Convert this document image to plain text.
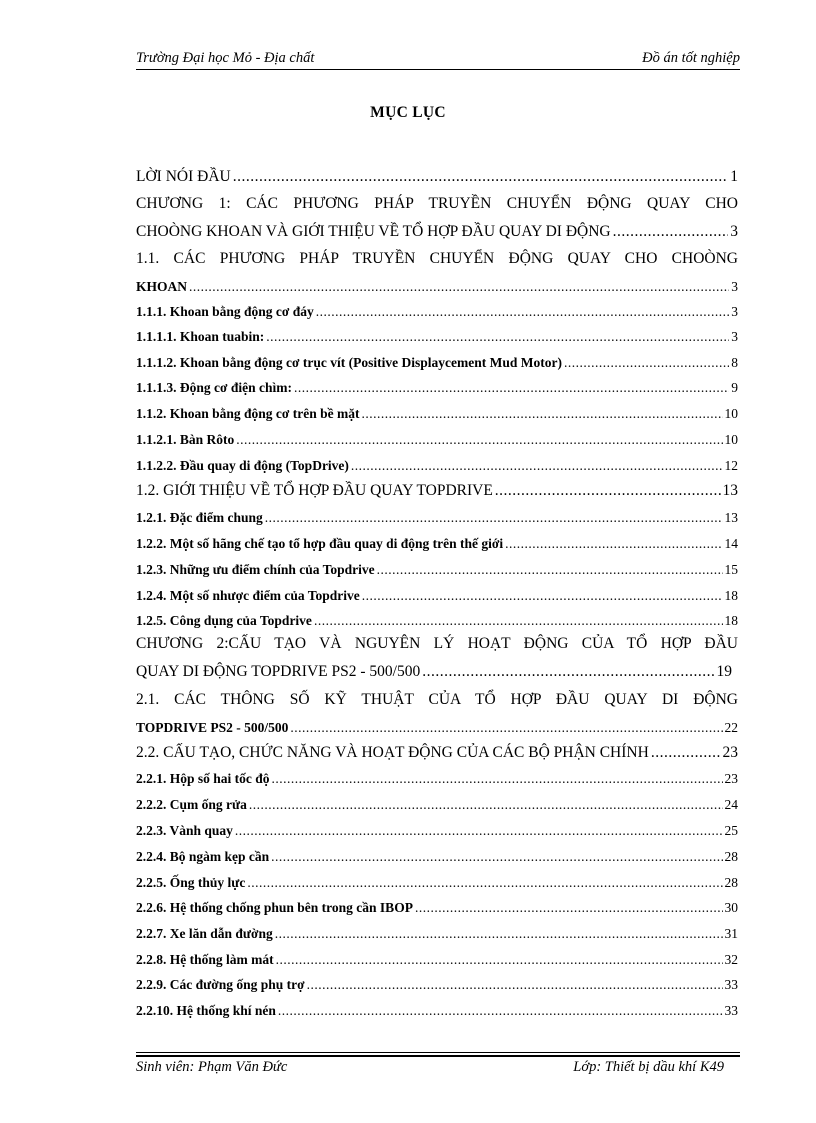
Trường Đại học Mỏ - Địa chất	Đồ án tốt nghiệp
MỤC LỤC
LỜI NÓI ĐẦU .....	1
CHƯƠNG 1: CÁC PHƯƠNG PHÁP TRUYỀN CHUYỂN ĐỘNG QUAY CHO
CHOÒNG KHOAN VÀ GIỚI THIỆU VỀ TỔ HỢP ĐẦU QUAY DI ĐỘNG .....	3
1.1. CÁC PHƯƠNG PHÁP TRUYỀN CHUYỂN ĐỘNG QUAY CHO CHOÒNG
KHOAN .....	3
1.1.1. Khoan bằng động cơ đáy .....	3
1.1.1.1. Khoan tuabin: .....	3
1.1.1.2. Khoan bằng động cơ trục vít (Positive Displaycement Mud Motor) .....	8
1.1.1.3. Động cơ điện chìm: .....	9
1.1.2. Khoan bằng động cơ trên bề mặt .....	10
1.1.2.1. Bàn Rôto .....	10
1.1.2.2. Đầu quay di động (TopDrive) .....	12
1.2. GIỚI THIỆU VỀ TỔ HỢP ĐẦU QUAY TOPDRIVE .....	13
1.2.1. Đặc điểm chung .....	13
1.2.2. Một số hãng chế tạo tổ hợp đầu quay di động trên thế giới .....	14
1.2.3. Những ưu điểm chính của Topdrive .....	15
1.2.4. Một số nhược điểm của Topdrive .....	18
1.2.5. Công dụng của Topdrive .....	18
CHƯƠNG 2:CẤU TẠO VÀ NGUYÊN LÝ HOẠT ĐỘNG CỦA TỔ HỢP ĐẦU
QUAY DI ĐỘNG TOPDRIVE PS2 - 500/500 .....	19
2.1. CÁC THÔNG SỐ KỸ THUẬT CỦA TỔ HỢP ĐẦU QUAY DI ĐỘNG
TOPDRIVE PS2 - 500/500 .....	22
2.2. CẤU TẠO, CHỨC NĂNG VÀ HOẠT ĐỘNG CỦA CÁC BỘ PHẬN CHÍNH .....	23
2.2.1. Hộp số hai tốc độ .....	23
2.2.2. Cụm ống rửa .....	24
2.2.3. Vành quay .....	25
2.2.4. Bộ ngàm kẹp cần .....	28
2.2.5. Ống thủy lực .....	28
2.2.6. Hệ thống chống phun bên trong cần IBOP .....	30
2.2.7. Xe lăn dẫn đường .....	31
2.2.8. Hệ thống làm mát .....	32
2.2.9. Các đường ống phụ trợ .....	33
2.2.10. Hệ thống khí nén .....	33
Sinh viên: Phạm Văn Đức	Lớp: Thiết bị dầu khí K49
